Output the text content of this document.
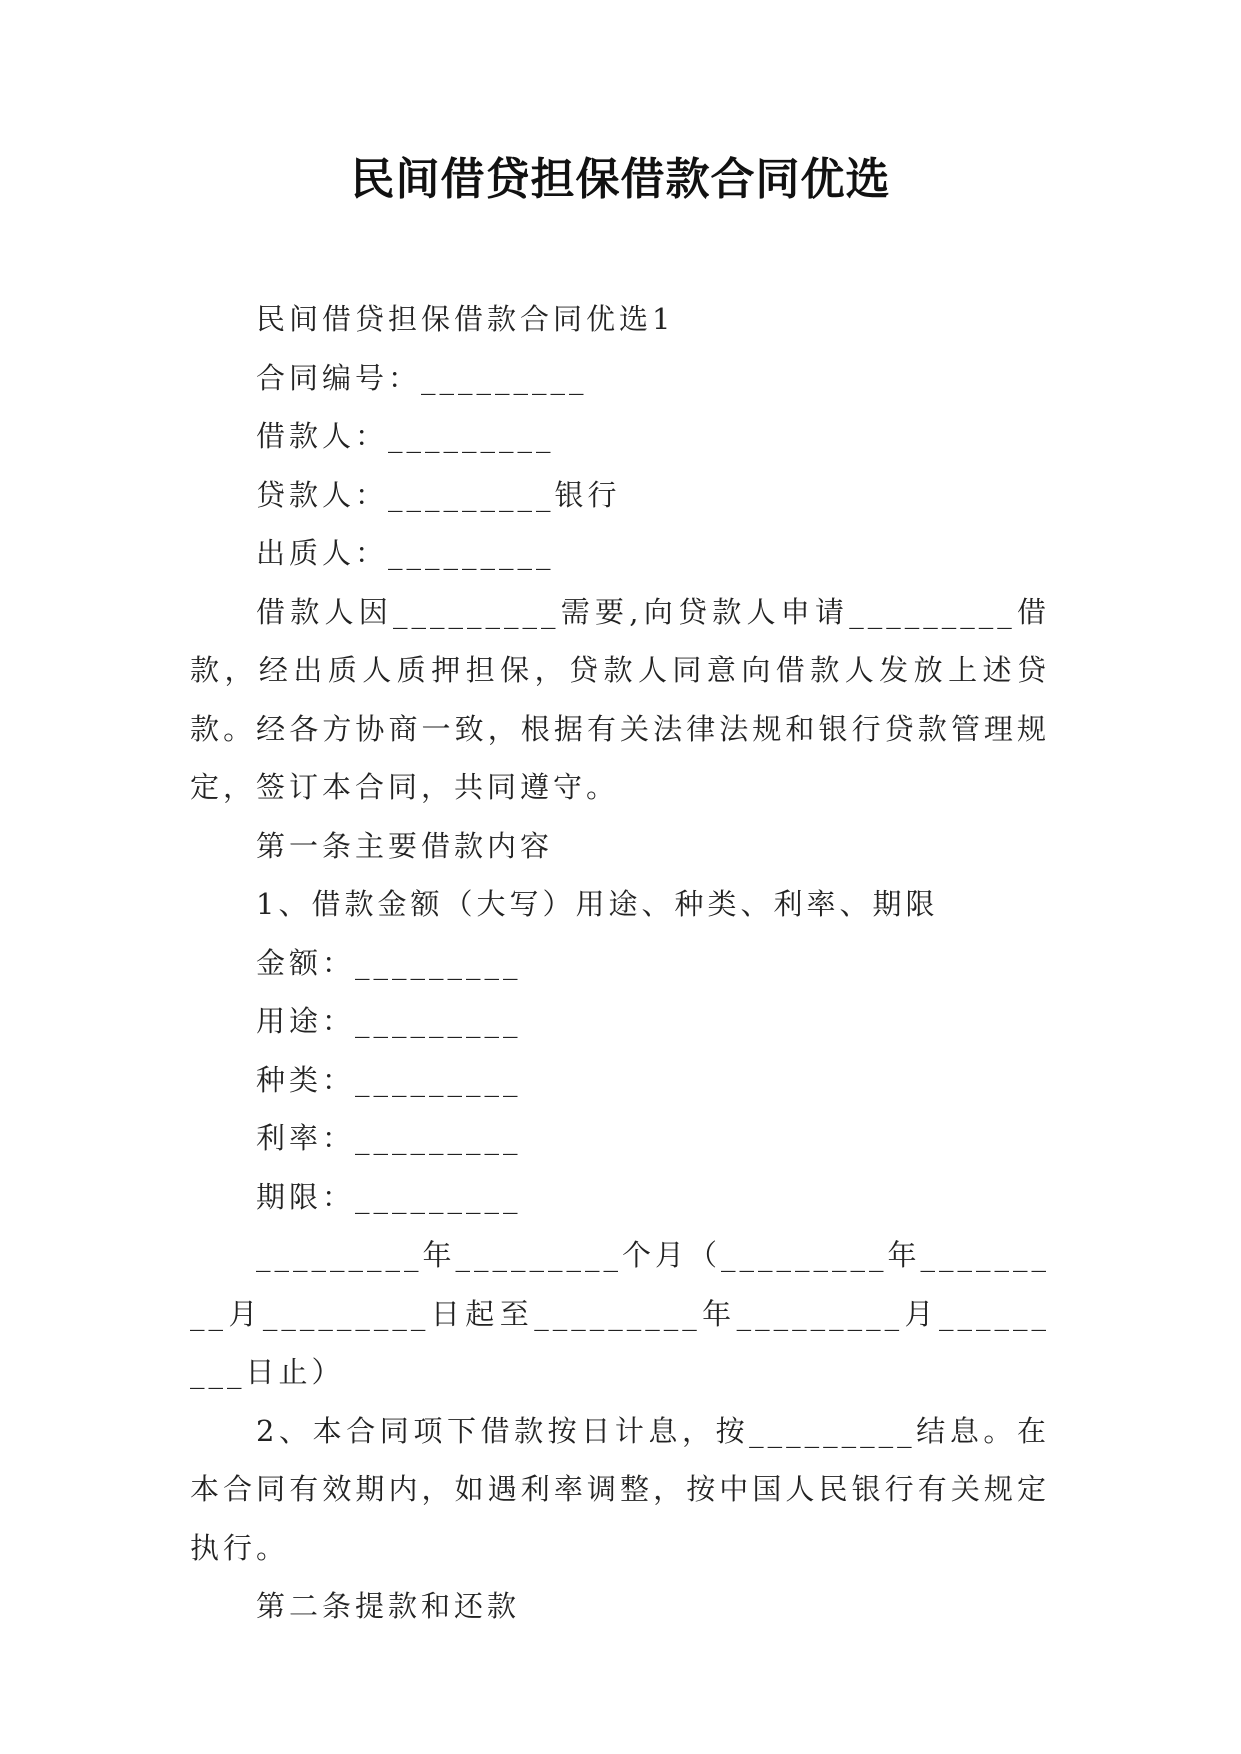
民间借贷担保借款合同优选

民间借贷担保借款合同优选1

合同编号：_________

借款人：_________

贷款人：_________银行

出质人：_________

借款人因_________需要,向贷款人申请_________借款，经出质人质押担保，贷款人同意向借款人发放上述贷款。经各方协商一致，根据有关法律法规和银行贷款管理规定，签订本合同，共同遵守。

第一条主要借款内容

1、借款金额（大写）用途、种类、利率、期限

金额：_________

用途：_________

种类：_________

利率：_________

期限：_________

_________年_________个月（_________年_________月_________日起至_________年_________月_________日止）

2、本合同项下借款按日计息，按_________结息。在本合同有效期内，如遇利率调整，按中国人民银行有关规定执行。

第二条提款和还款
